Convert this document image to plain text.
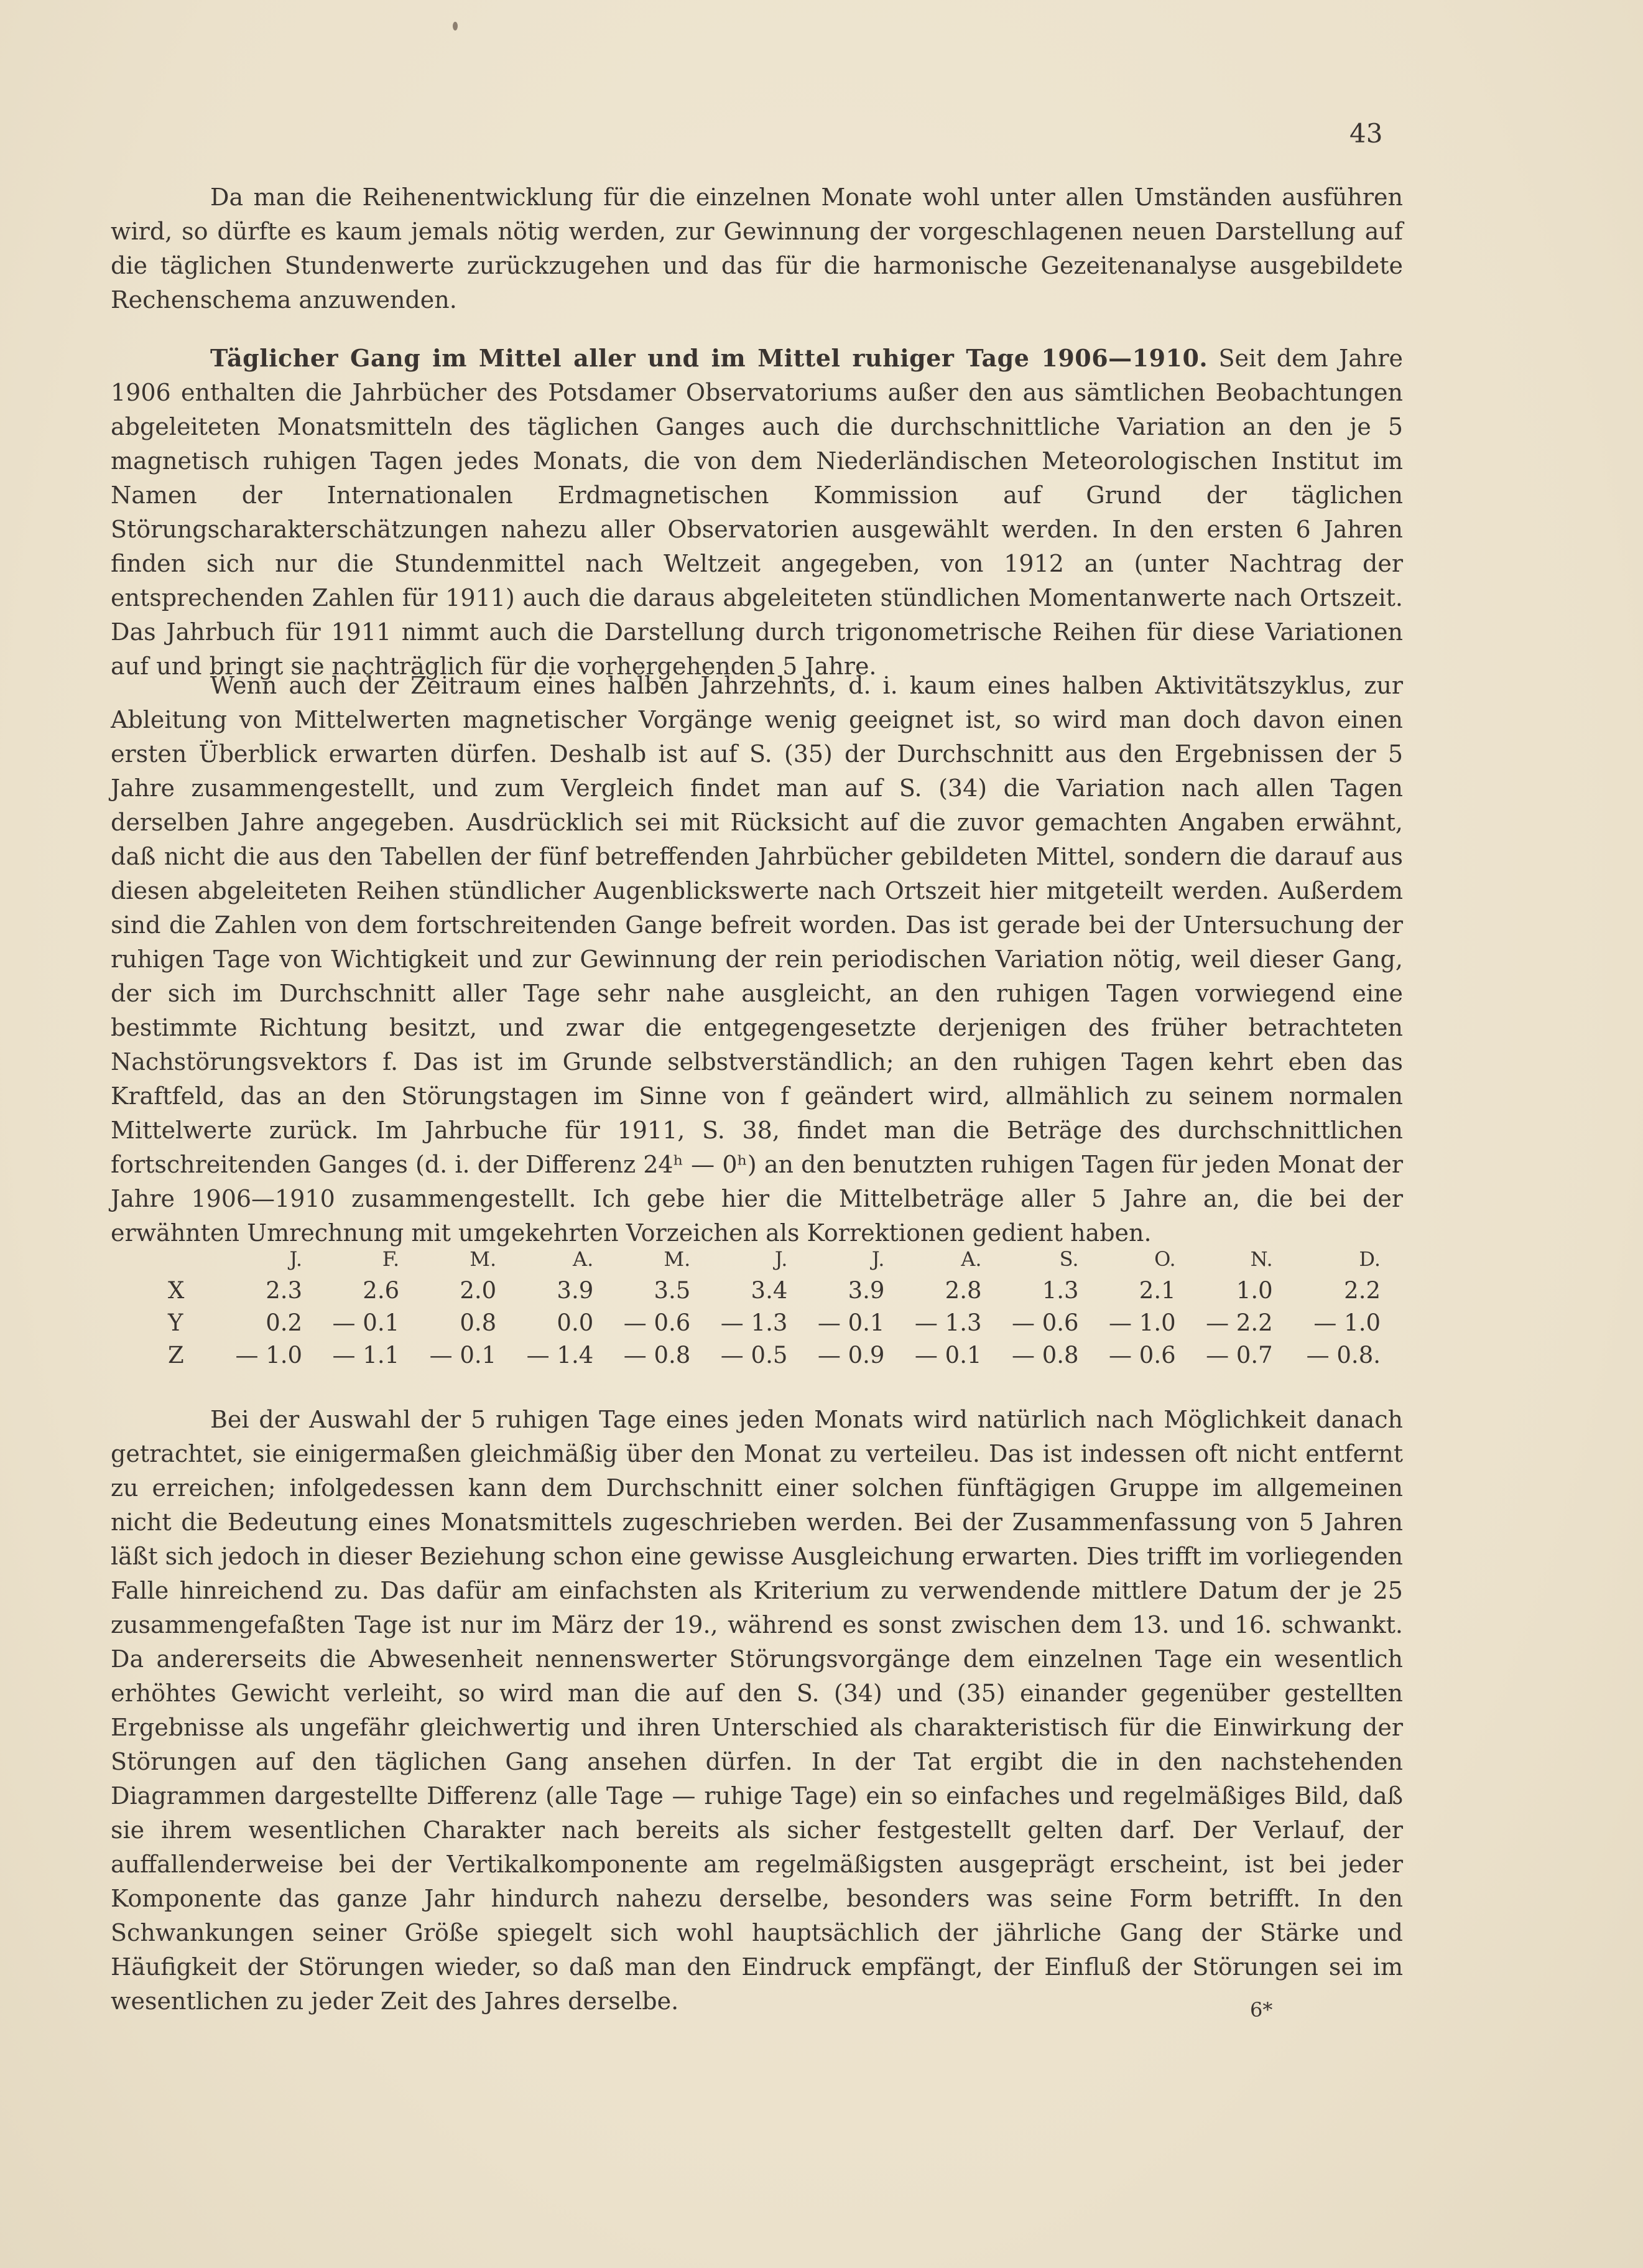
43

Da man die Reihenentwicklung für die einzelnen Monate wohl unter allen Umständen ausführen wird, so dürfte es kaum jemals nötig werden, zur Gewinnung der vorgeschlagenen neuen Darstellung auf die täglichen Stundenwerte zurückzugehen und das für die harmonische Gezeitenanalyse ausgebildete Rechenschema anzuwenden.

Täglicher Gang im Mittel aller und im Mittel ruhiger Tage 1906—1910. Seit dem Jahre 1906 enthalten die Jahrbücher des Potsdamer Observatoriums außer den aus sämtlichen Beobachtungen abgeleiteten Monatsmitteln des täglichen Ganges auch die durchschnittliche Variation an den je 5 magnetisch ruhigen Tagen jedes Monats, die von dem Niederländischen Meteorologischen Institut im Namen der Internationalen Erdmagnetischen Kommission auf Grund der täglichen Störungscharakterschätzungen nahezu aller Observatorien ausgewählt werden. In den ersten 6 Jahren finden sich nur die Stundenmittel nach Weltzeit angegeben, von 1912 an (unter Nachtrag der entsprechenden Zahlen für 1911) auch die daraus abgeleiteten stündlichen Momentanwerte nach Ortszeit. Das Jahrbuch für 1911 nimmt auch die Darstellung durch trigonometrische Reihen für diese Variationen auf und bringt sie nachträglich für die vorhergehenden 5 Jahre.

Wenn auch der Zeitraum eines halben Jahrzehnts, d. i. kaum eines halben Aktivitätszyklus, zur Ableitung von Mittelwerten magnetischer Vorgänge wenig geeignet ist, so wird man doch davon einen ersten Überblick erwarten dürfen. Deshalb ist auf S. (35) der Durchschnitt aus den Ergebnissen der 5 Jahre zusammengestellt, und zum Vergleich findet man auf S. (34) die Variation nach allen Tagen derselben Jahre angegeben. Ausdrücklich sei mit Rücksicht auf die zuvor gemachten Angaben erwähnt, daß nicht die aus den Tabellen der fünf betreffenden Jahrbücher gebildeten Mittel, sondern die darauf aus diesen abgeleiteten Reihen stündlicher Augenblickswerte nach Ortszeit hier mitgeteilt werden. Außerdem sind die Zahlen von dem fortschreitenden Gange befreit worden. Das ist gerade bei der Untersuchung der ruhigen Tage von Wichtigkeit und zur Gewinnung der rein periodischen Variation nötig, weil dieser Gang, der sich im Durchschnitt aller Tage sehr nahe ausgleicht, an den ruhigen Tagen vorwiegend eine bestimmte Richtung besitzt, und zwar die entgegengesetzte derjenigen des früher betrachteten Nachstörungsvektors f. Das ist im Grunde selbstverständlich; an den ruhigen Tagen kehrt eben das Kraftfeld, das an den Störungstagen im Sinne von f geändert wird, allmählich zu seinem normalen Mittelwerte zurück. Im Jahrbuche für 1911, S. 38, findet man die Beträge des durchschnittlichen fortschreitenden Ganges (d. i. der Differenz 24ʰ — 0ʰ) an den benutzten ruhigen Tagen für jeden Monat der Jahre 1906—1910 zusammengestellt. Ich gebe hier die Mittelbeträge aller 5 Jahre an, die bei der erwähnten Umrechnung mit umgekehrten Vorzeichen als Korrektionen gedient haben.

	J.	F.	M.	A.	M.	J.	J.	A.	S.	O.	N.	D.
X	2.3	2.6	2.0	3.9	3.5	3.4	3.9	2.8	1.3	2.1	1.0	2.2
Y	0.2	— 0.1	0.8	0.0	— 0.6	— 1.3	— 0.1	— 1.3	— 0.6	— 1.0	— 2.2	— 1.0
Z	— 1.0	— 1.1	— 0.1	— 1.4	— 0.8	— 0.5	— 0.9	— 0.1	— 0.8	— 0.6	— 0.7	— 0.8.

Bei der Auswahl der 5 ruhigen Tage eines jeden Monats wird natürlich nach Möglichkeit danach getrachtet, sie einigermaßen gleichmäßig über den Monat zu verteileu. Das ist indessen oft nicht entfernt zu erreichen; infolgedessen kann dem Durchschnitt einer solchen fünftägigen Gruppe im allgemeinen nicht die Bedeutung eines Monatsmittels zugeschrieben werden. Bei der Zusammenfassung von 5 Jahren läßt sich jedoch in dieser Beziehung schon eine gewisse Ausgleichung erwarten. Dies trifft im vorliegenden Falle hinreichend zu. Das dafür am einfachsten als Kriterium zu verwendende mittlere Datum der je 25 zusammengefaßten Tage ist nur im März der 19., während es sonst zwischen dem 13. und 16. schwankt. Da andererseits die Abwesenheit nennenswerter Störungsvorgänge dem einzelnen Tage ein wesentlich erhöhtes Gewicht verleiht, so wird man die auf den S. (34) und (35) einander gegenüber gestellten Ergebnisse als ungefähr gleichwertig und ihren Unterschied als charakteristisch für die Einwirkung der Störungen auf den täglichen Gang ansehen dürfen. In der Tat ergibt die in den nachstehenden Diagrammen dargestellte Differenz (alle Tage — ruhige Tage) ein so einfaches und regelmäßiges Bild, daß sie ihrem wesentlichen Charakter nach bereits als sicher festgestellt gelten darf. Der Verlauf, der auffallenderweise bei der Vertikalkomponente am regelmäßigsten ausgeprägt erscheint, ist bei jeder Komponente das ganze Jahr hindurch nahezu derselbe, besonders was seine Form betrifft. In den Schwankungen seiner Größe spiegelt sich wohl hauptsächlich der jährliche Gang der Stärke und Häufigkeit der Störungen wieder, so daß man den Eindruck empfängt, der Einfluß der Störungen sei im wesentlichen zu jeder Zeit des Jahres derselbe.	6*
